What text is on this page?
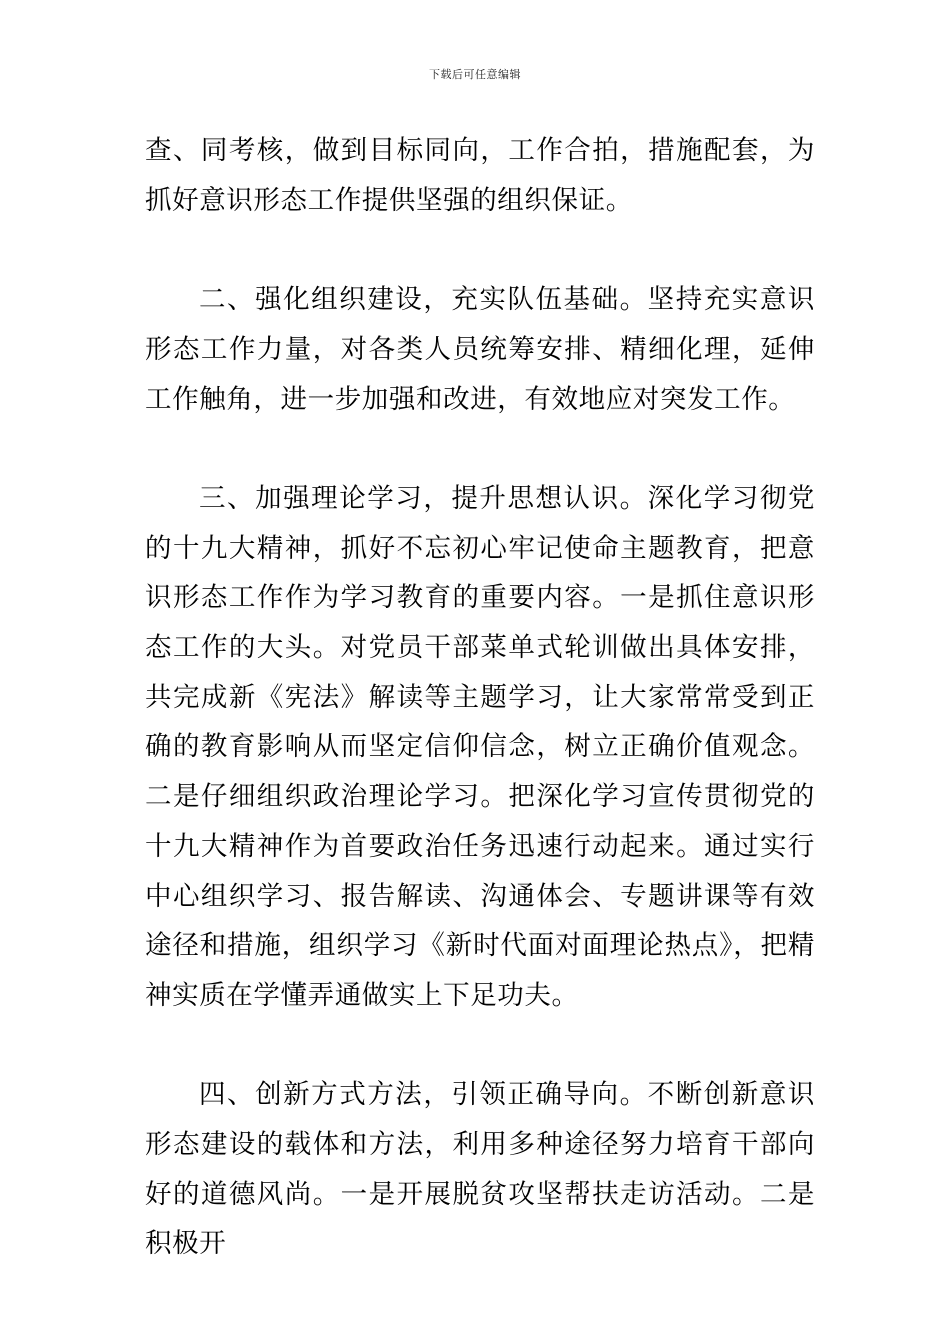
下载后可任意编辑

查、同考核，做到目标同向，工作合拍，措施配套，为抓好意识形态工作提供坚强的组织保证。

二、强化组织建设，充实队伍基础。坚持充实意识形态工作力量，对各类人员统筹安排、精细化理，延伸工作触角，进一步加强和改进，有效地应对突发工作。

三、加强理论学习，提升思想认识。深化学习彻党的十九大精神，抓好不忘初心牢记使命主题教育，把意识形态工作作为学习教育的重要内容。一是抓住意识形态工作的大头。对党员干部菜单式轮训做出具体安排，共完成新《宪法》解读等主题学习，让大家常常受到正确的教育影响从而坚定信仰信念，树立正确价值观念。二是仔细组织政治理论学习。把深化学习宣传贯彻党的十九大精神作为首要政治任务迅速行动起来。通过实行中心组织学习、报告解读、沟通体会、专题讲课等有效途径和措施，组织学习《新时代面对面理论热点》，把精神实质在学懂弄通做实上下足功夫。

四、创新方式方法，引领正确导向。不断创新意识形态建设的载体和方法，利用多种途径努力培育干部向好的道德风尚。一是开展脱贫攻坚帮扶走访活动。二是积极开
